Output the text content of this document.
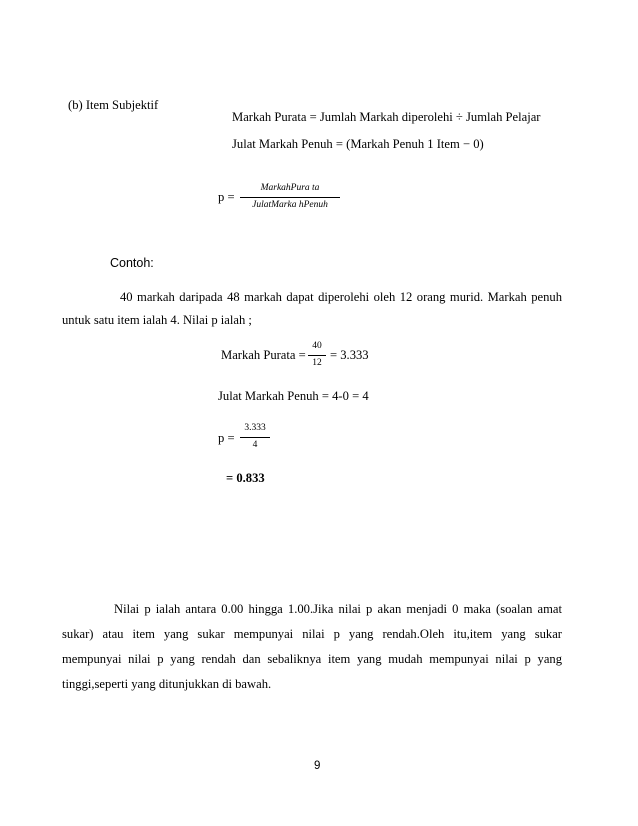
(b) Item Subjektif
Markah Purata = Jumlah Markah diperolehi ÷ Jumlah Pelajar
Julat Markah Penuh = (Markah Penuh 1 Item − 0)
p =
MarkahPura ta
JulatMarka hPenuh
Contoh:
40 markah daripada 48 markah dapat diperolehi oleh 12 orang murid. Markah penuh
untuk satu item ialah 4. Nilai p ialah ;
Markah Purata =
40
12
= 3.333
Julat Markah Penuh = 4-0 = 4
p =
3.333
4
= 0.833
Nilai p ialah antara 0.00 hingga 1.00.Jika nilai p akan menjadi 0 maka (soalan amat
sukar) atau item yang sukar mempunyai nilai p yang rendah.Oleh itu,item yang sukar
mempunyai nilai p yang rendah dan sebaliknya item yang mudah mempunyai nilai p yang
tinggi,seperti yang ditunjukkan di bawah.
9
